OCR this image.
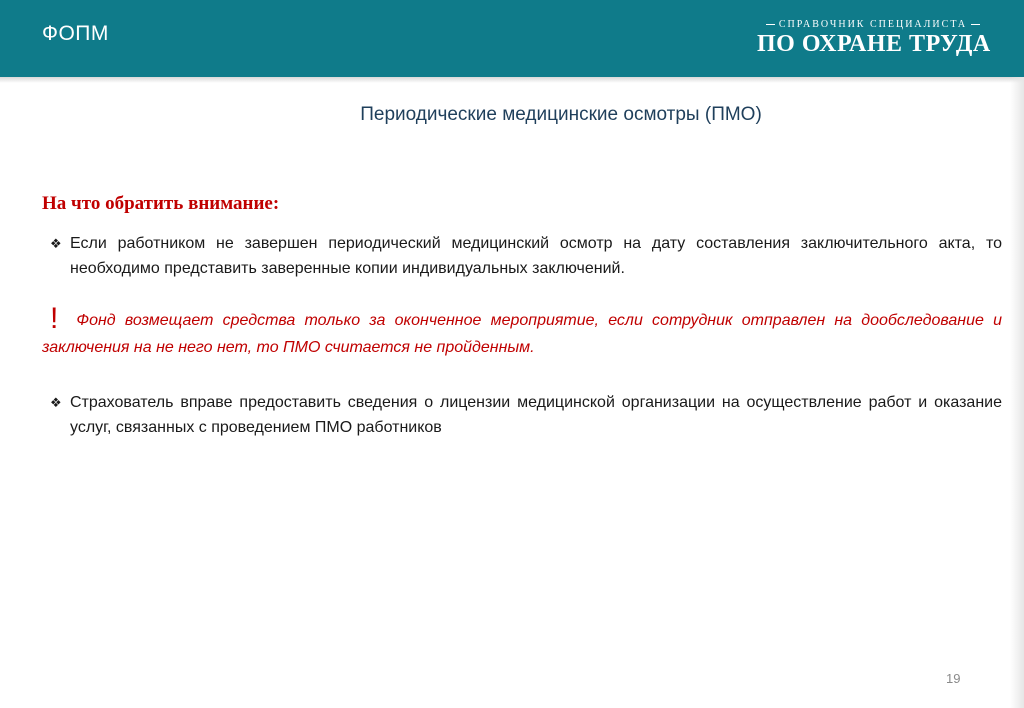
ФОПМ	СПРАВОЧНИК СПЕЦИАЛИСТА
ПО ОХРАНЕ ТРУДА
Периодические медицинские осмотры (ПМО)
На что обратить внимание:
❖ Если работником не завершен периодический медицинский осмотр на дату составления заключительного акта, то необходимо представить заверенные копии индивидуальных заключений.
! Фонд возмещает средства только за оконченное мероприятие, если сотрудник отправлен на дообследование и заключения на не него нет, то ПМО считается не пройденным.
❖ Страхователь вправе предоставить сведения о лицензии медицинской организации на осуществление работ и оказание услуг, связанных с проведением ПМО работников
19
